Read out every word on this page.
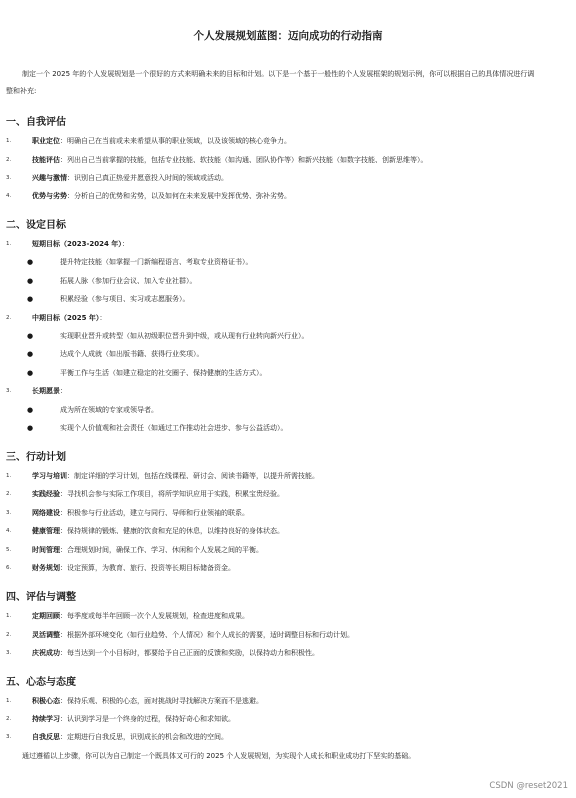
个人发展规划蓝图：迈向成功的行动指南
制定一个 2025 年的个人发展规划是一个很好的方式来明确未来的目标和计划。以下是一个基于一般性的个人发展框架的规划示例，你可以根据自己的具体情况进行调整和补充:
一、自我评估
1.	职业定位：明确自己在当前或未来希望从事的职业领域，以及该领域的核心竞争力。
2.	技能评估：列出自己当前掌握的技能，包括专业技能、软技能（如沟通、团队协作等）和新兴技能（如数字技能、创新思维等）。
3.	兴趣与激情：识别自己真正热爱并愿意投入时间的领域或活动。
4.	优势与劣势：分析自己的优势和劣势，以及如何在未来发展中发挥优势、弥补劣势。
二、设定目标
1.	短期目标（2023-2024 年）：
●	提升特定技能（如掌握一门新编程语言、考取专业资格证书）。
●	拓展人脉（参加行业会议、加入专业社群）。
●	积累经验（参与项目、实习或志愿服务）。
2.	中期目标（2025 年）：
●	实现职业晋升或转型（如从初级职位晋升到中级，或从现有行业转向新兴行业）。
●	达成个人成就（如出版书籍、获得行业奖项）。
●	平衡工作与生活（如建立稳定的社交圈子、保持健康的生活方式）。
3.	长期愿景：
●	成为所在领域的专家或领导者。
●	实现个人价值观和社会责任（如通过工作推动社会进步、参与公益活动）。
三、行动计划
1.	学习与培训：制定详细的学习计划，包括在线课程、研讨会、阅读书籍等，以提升所需技能。
2.	实践经验：寻找机会参与实际工作项目，将所学知识应用于实践，积累宝贵经验。
3.	网络建设：积极参与行业活动，建立与同行、导师和行业领袖的联系。
4.	健康管理：保持规律的锻炼、健康的饮食和充足的休息，以维持良好的身体状态。
5.	时间管理：合理规划时间，确保工作、学习、休闲和个人发展之间的平衡。
6.	财务规划：设定预算，为教育、旅行、投资等长期目标储备资金。
四、评估与调整
1.	定期回顾：每季度或每半年回顾一次个人发展规划，检查进度和成果。
2.	灵活调整：根据外部环境变化（如行业趋势、个人情况）和个人成长的需要，适时调整目标和行动计划。
3.	庆祝成功：每当达到一个小目标时，都要给予自己正面的反馈和奖励，以保持动力和积极性。
五、心态与态度
1.	积极心态：保持乐观、积极的心态，面对挑战时寻找解决方案而不是逃避。
2.	持续学习：认识到学习是一个终身的过程，保持好奇心和求知欲。
3.	自我反思：定期进行自我反思，识别成长的机会和改进的空间。
通过遵循以上步骤，你可以为自己制定一个既具体又可行的 2025 个人发展规划，为实现个人成长和职业成功打下坚实的基础。
CSDN @reset2021
